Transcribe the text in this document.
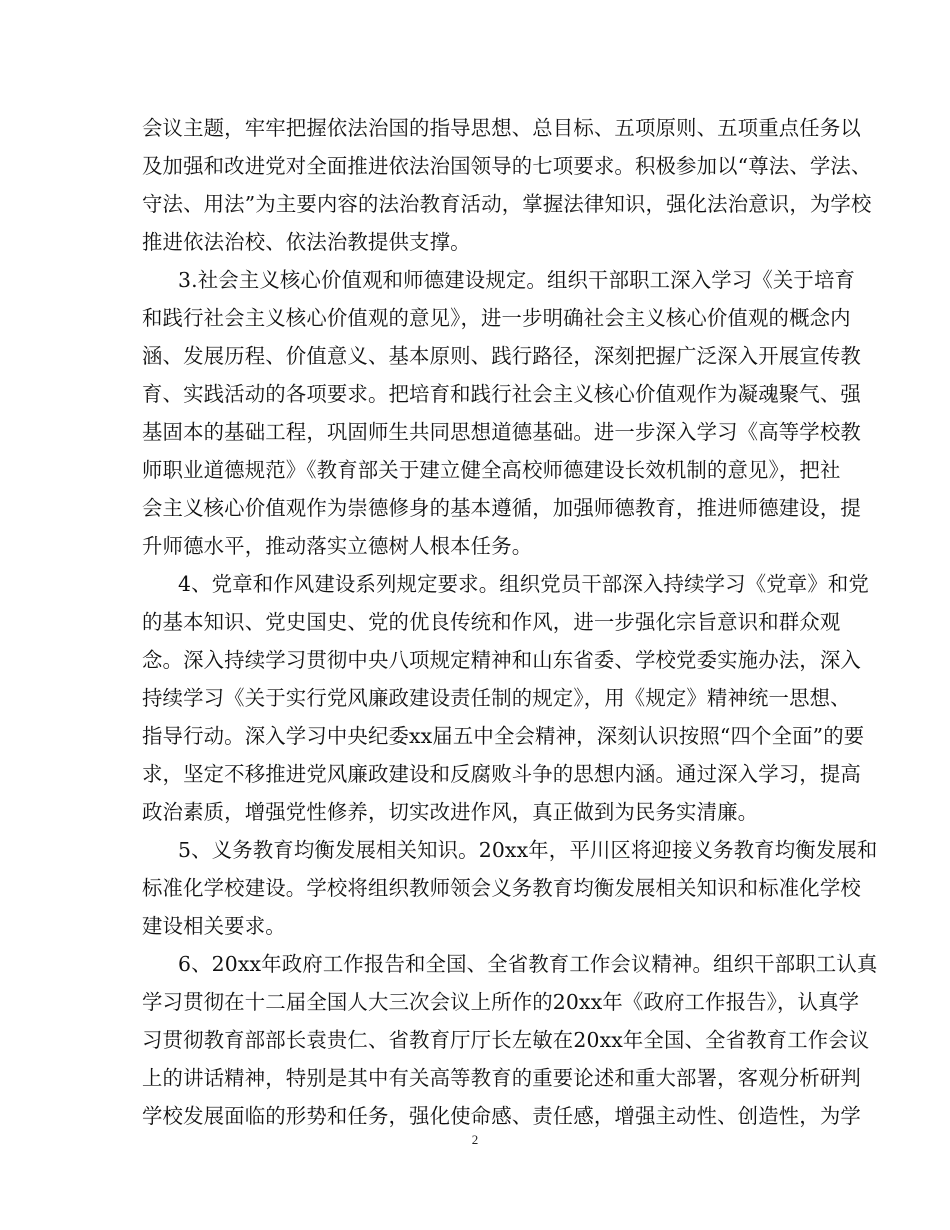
会议主题，牢牢把握依法治国的指导思想、总目标、五项原则、五项重点任务以
及加强和改进党对全面推进依法治国领导的七项要求。积极参加以“尊法、学法、
守法、用法”为主要内容的法治教育活动，掌握法律知识，强化法治意识，为学校
推进依法治校、依法治教提供支撑。
3.社会主义核心价值观和师德建设规定。组织干部职工深入学习《关于培育
和践行社会主义核心价值观的意见》，进一步明确社会主义核心价值观的概念内
涵、发展历程、价值意义、基本原则、践行路径，深刻把握广泛深入开展宣传教
育、实践活动的各项要求。把培育和践行社会主义核心价值观作为凝魂聚气、强
基固本的基础工程，巩固师生共同思想道德基础。进一步深入学习《高等学校教
师职业道德规范》《教育部关于建立健全高校师德建设长效机制的意见》，把社
会主义核心价值观作为崇德修身的基本遵循，加强师德教育，推进师德建设，提
升师德水平，推动落实立德树人根本任务。
4、党章和作风建设系列规定要求。组织党员干部深入持续学习《党章》和党
的基本知识、党史国史、党的优良传统和作风，进一步强化宗旨意识和群众观
念。深入持续学习贯彻中央八项规定精神和山东省委、学校党委实施办法，深入
持续学习《关于实行党风廉政建设责任制的规定》，用《规定》精神统一思想、
指导行动。深入学习中央纪委xx届五中全会精神，深刻认识按照“四个全面”的要
求，坚定不移推进党风廉政建设和反腐败斗争的思想内涵。通过深入学习，提高
政治素质，增强党性修养，切实改进作风，真正做到为民务实清廉。
5、义务教育均衡发展相关知识。20xx年，平川区将迎接义务教育均衡发展和
标准化学校建设。学校将组织教师领会义务教育均衡发展相关知识和标准化学校
建设相关要求。
6、20xx年政府工作报告和全国、全省教育工作会议精神。组织干部职工认真
学习贯彻在十二届全国人大三次会议上所作的20xx年《政府工作报告》，认真学
习贯彻教育部部长袁贵仁、省教育厅厅长左敏在20xx年全国、全省教育工作会议
上的讲话精神，特别是其中有关高等教育的重要论述和重大部署，客观分析研判
学校发展面临的形势和任务，强化使命感、责任感，增强主动性、创造性，为学
2
